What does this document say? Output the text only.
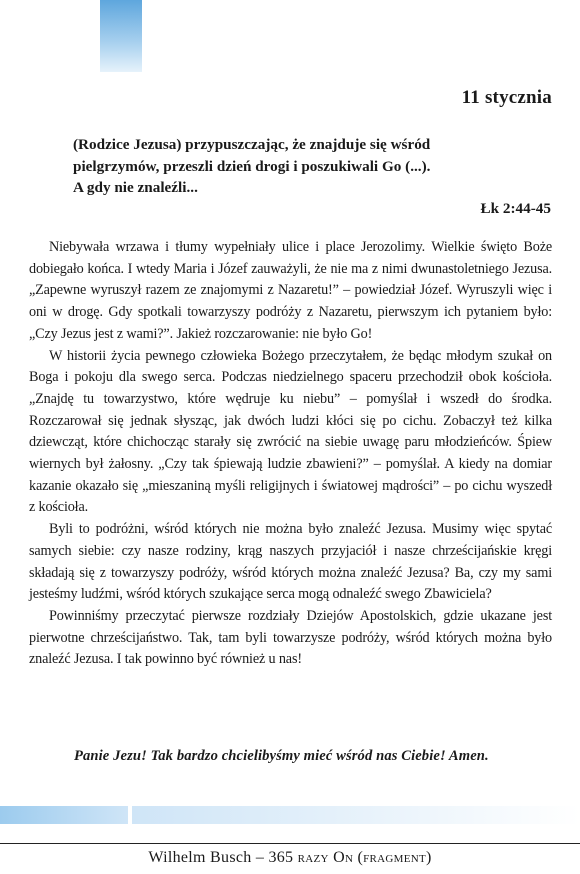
11 stycznia
(Rodzice Jezusa) przypuszczając, że znajduje się wśród
pielgrzymów, przeszli dzień drogi i poszukiwali Go (...).
A gdy nie znaleźli...
Łk 2:44-45

Niebywała wrzawa i tłumy wypełniały ulice i place Jerozolimy. Wielkie święto Boże dobiegało końca. I wtedy Maria i Józef zauważyli, że nie ma z nimi dwunastoletniego Jezusa. „Zapewne wyruszył razem ze znajomymi z Nazaretu!” – powiedział Józef. Wyruszyli więc i oni w drogę. Gdy spotkali towarzyszy podróży z Nazaretu, pierwszym ich pytaniem było: „Czy Jezus jest z wami?”. Jakież rozczarowanie: nie było Go!

W historii życia pewnego człowieka Bożego przeczytałem, że będąc młodym szukał on Boga i pokoju dla swego serca. Podczas niedzielnego spaceru przechodził obok kościoła. „Znajdę tu towarzystwo, które wędruje ku niebu” – pomyślał i wszedł do środka. Rozczarował się jednak słysząc, jak dwóch ludzi kłóci się po cichu. Zobaczył też kilka dziewcząt, które chichocząc starały się zwrócić na siebie uwagę paru młodzieńców. Śpiew wiernych był żałosny. „Czy tak śpiewają ludzie zbawieni?” – pomyślał. A kiedy na domiar kazanie okazało się „mieszaniną myśli religijnych i światowej mądrości” – po cichu wyszedł z kościoła.

Byli to podróżni, wśród których nie można było znaleźć Jezusa. Musimy więc spytać samych siebie: czy nasze rodziny, krąg naszych przyjaciół i nasze chrześcijańskie kręgi składają się z towarzyszy podróży, wśród których można znaleźć Jezusa? Ba, czy my sami jesteśmy ludźmi, wśród których szukające serca mogą odnaleźć swego Zbawiciela?

Powinniśmy przeczytać pierwsze rozdziały Dziejów Apostolskich, gdzie ukazane jest pierwotne chrześcijaństwo. Tak, tam byli towarzysze podróży, wśród których można było znaleźć Jezusa. I tak powinno być również u nas!

Panie Jezu! Tak bardzo chcielibyśmy mieć wśród nas Ciebie! Amen.
Wilhelm Busch – 365 razy On (fragment)
